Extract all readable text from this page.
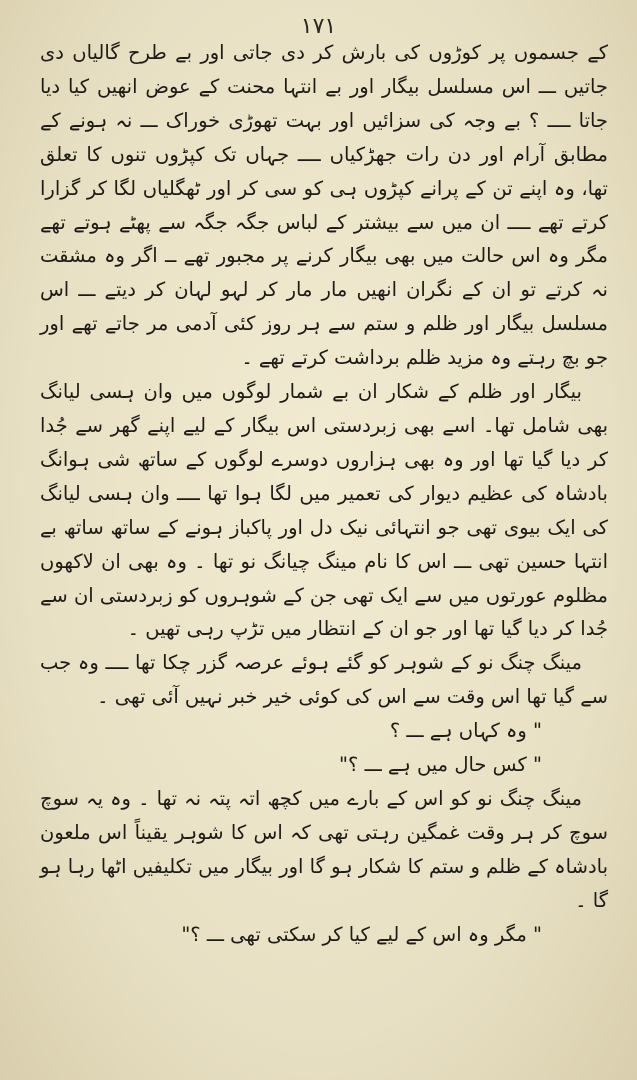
۱۷۱

کے جسموں پر کوڑوں کی بارش کر دی جاتی اور بے طرح گالیاں دی جاتیں ـــ اس مسلسل بیگار اور بے انتہا محنت کے عوض انھیں کیا دیا جاتا ــــ ؟ بے وجہ کی سزائیں اور بہت تھوڑی خوراک ـــ نہ ہونے کے مطابق آرام اور دن رات جھڑکیاں ــــ جہاں تک کپڑوں تنوں کا تعلق تھا، وہ اپنے تن کے پرانے کپڑوں ہی کو سی کر اور ٹھگلیاں لگا کر گزارا کرتے تھے ــــ ان میں سے بیشتر کے لباس جگہ جگہ سے پھٹے ہوتے تھے مگر وہ اس حالت میں بھی بیگار کرنے پر مجبور تھے ــ اگر وہ مشقت نہ کرتے تو ان کے نگران انھیں مار مار کر لہو لہان کر دیتے ـــ اس مسلسل بیگار اور ظلم و ستم سے ہر روز کئی آدمی مر جاتے تھے اور جو بچ رہتے وہ مزید ظلم برداشت کرتے تھے ۔

بیگار اور ظلم کے شکار ان بے شمار لوگوں میں وان ہسی لیانگ بھی شامل تھا۔ اسے بھی زبردستی اس بیگار کے لیے اپنے گھر سے جُدا کر دیا گیا تھا اور وہ بھی ہزاروں دوسرے لوگوں کے ساتھ شی ہوانگ بادشاہ کی عظیم دیوار کی تعمیر میں لگا ہوا تھا ــــ وان ہسی لیانگ کی ایک بیوی تھی جو انتہائی نیک دل اور پاکباز ہونے کے ساتھ ساتھ بے انتہا حسین تھی ـــ اس کا نام مینگ چیانگ نو تھا ۔ وہ بھی ان لاکھوں مظلوم عورتوں میں سے ایک تھی جن کے شوہروں کو زبردستی ان سے جُدا کر دیا گیا تھا اور جو ان کے انتظار میں تڑپ رہی تھیں ۔

مینگ چنگ نو کے شوہر کو گئے ہوئے عرصہ گزر چکا تھا ــــ وہ جب سے گیا تھا اس وقت سے اس کی کوئی خیر خبر نہیں آئی تھی ۔

" وہ کہاں ہے ـــ ؟

" کس حال میں ہے ـــ ؟"

مینگ چنگ نو کو اس کے بارے میں کچھ اتہ پتہ نہ تھا ۔ وہ یہ سوچ سوچ کر ہر وقت غمگین رہتی تھی کہ اس کا شوہر یقیناً اس ملعون بادشاہ کے ظلم و ستم کا شکار ہو گا اور بیگار میں تکلیفیں اٹھا رہا ہو گا ۔

" مگر وہ اس کے لیے کیا کر سکتی تھی ـــ ؟"
